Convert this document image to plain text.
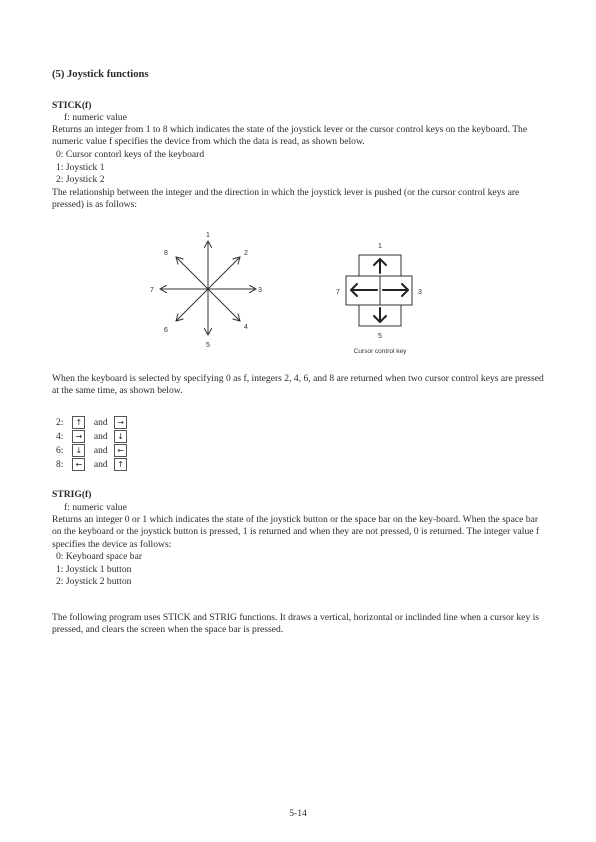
(5) Joystick functions
STICK(f)
f: numeric value
Returns an integer from 1 to 8 which indicates the state of the joystick lever or the cursor control keys on the keyboard. The numeric value f specifies the device from which the data is read, as shown below.
0: Cursor contorl keys of the keyboard
1: Joystick 1
2: Joystick 2
The relationship between the integer and the direction in which the joystick lever is pushed (or the cursor control keys are pressed) is as follows:
1
2
3
4
5
6
7
8
1
3
5
7
Cursor control key
When the keyboard is selected by specifying 0 as f, integers 2, 4, 6, and 8 are returned when two cursor control keys are pressed at the same time, as shown below.
2: ↑ and →
4: → and ↓
6: ↓ and ←
8: ← and ↑
STRIG(f)
f: numeric value
Returns an integer 0 or 1 which indicates the state of the joystick button or the space bar on the key-board. When the space bar on the keyboard or the joystick button is pressed, 1 is returned and when they are not pressed, 0 is returned. The integer value f specifies the device as follows:
0: Keyboard space bar
1: Joystick 1 button
2: Joystick 2 button
The following program uses STICK and STRIG functions. It draws a vertical, horizontal or inclinded line when a cursor key is pressed, and clears the screen when the space bar is pressed.
5-14
